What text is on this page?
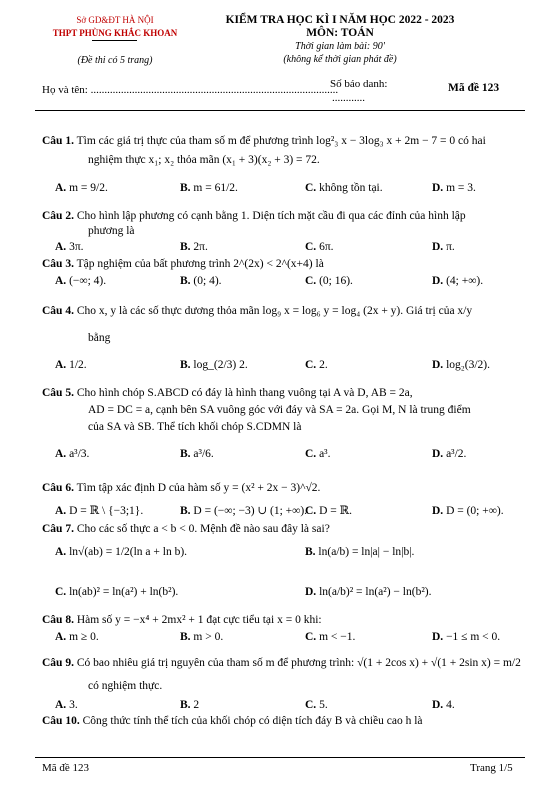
Sở GD&ĐT HÀ NỘI
THPT PHÙNG KHẮC KHOAN
(Đề thi có 5 trang)
KIỂM TRA HỌC KÌ I NĂM HỌC 2022 - 2023
MÔN: TOÁN
Thời gian làm bài: 90'
(không kể thời gian phát đề)
Họ và tên: ..........................................................................................
Số báo danh:
............
Mã đề 123
Câu 1. Tìm các giá trị thực của tham số m để phương trình log²₃ x − 3log₃ x + 2m − 7 = 0 có hai
nghiệm thực x₁; x₂ thỏa mãn (x₁ + 3)(x₂ + 3) = 72.
A. m = 9/2.	B. m = 61/2.	C. không tồn tại.	D. m = 3.
Câu 2. Cho hình lập phương có cạnh bằng 1. Diện tích mặt cầu đi qua các đỉnh của hình lập
phương là
A. 3π.	B. 2π.	C. 6π.	D. π.
Câu 3. Tập nghiệm của bất phương trình 2^(2x) < 2^(x+4) là
A. (−∞; 4).	B. (0; 4).	C. (0; 16).	D. (4; +∞).
Câu 4. Cho x, y là các số thực dương thỏa mãn log₉ x = log₆ y = log₄ (2x + y). Giá trị của x/y
bằng
A. 1/2.	B. log_(2/3) 2.	C. 2.	D. log₂(3/2).
Câu 5. Cho hình chóp S.ABCD có đáy là hình thang vuông tại A và D, AB = 2a,
AD = DC = a, cạnh bên SA vuông góc với đáy và SA = 2a. Gọi M, N là trung điểm
của SA và SB. Thể tích khối chóp S.CDMN là
A. a³/3.	B. a³/6.	C. a³.	D. a³/2.
Câu 6. Tìm tập xác định D của hàm số y = (x² + 2x − 3)^√2.
A. D = ℝ \ {−3;1}.	B. D = (−∞; −3) ∪ (1; +∞).
C. D = ℝ.	D. D = (0; +∞).
Câu 7. Cho các số thực a < b < 0. Mệnh đề nào sau đây là sai?
A. ln√(ab) = 1/2(ln a + ln b).	B. ln(a/b) = ln|a| − ln|b|.
C. ln(ab)² = ln(a²) + ln(b²).	D. ln(a/b)² = ln(a²) − ln(b²).
Câu 8. Hàm số y = −x⁴ + 2mx² + 1 đạt cực tiểu tại x = 0 khi:
A. m ≥ 0.	B. m > 0.	C. m < −1.	D. −1 ≤ m < 0.
Câu 9. Có bao nhiêu giá trị nguyên của tham số m để phương trình: √(1 + 2cos x) + √(1 + 2sin x) = m/2
có nghiệm thực.
A. 3.	B. 2	C. 5.	D. 4.
Câu 10. Công thức tính thể tích của khối chóp có diện tích đáy B và chiều cao h là
Mã đề 123	Trang 1/5
